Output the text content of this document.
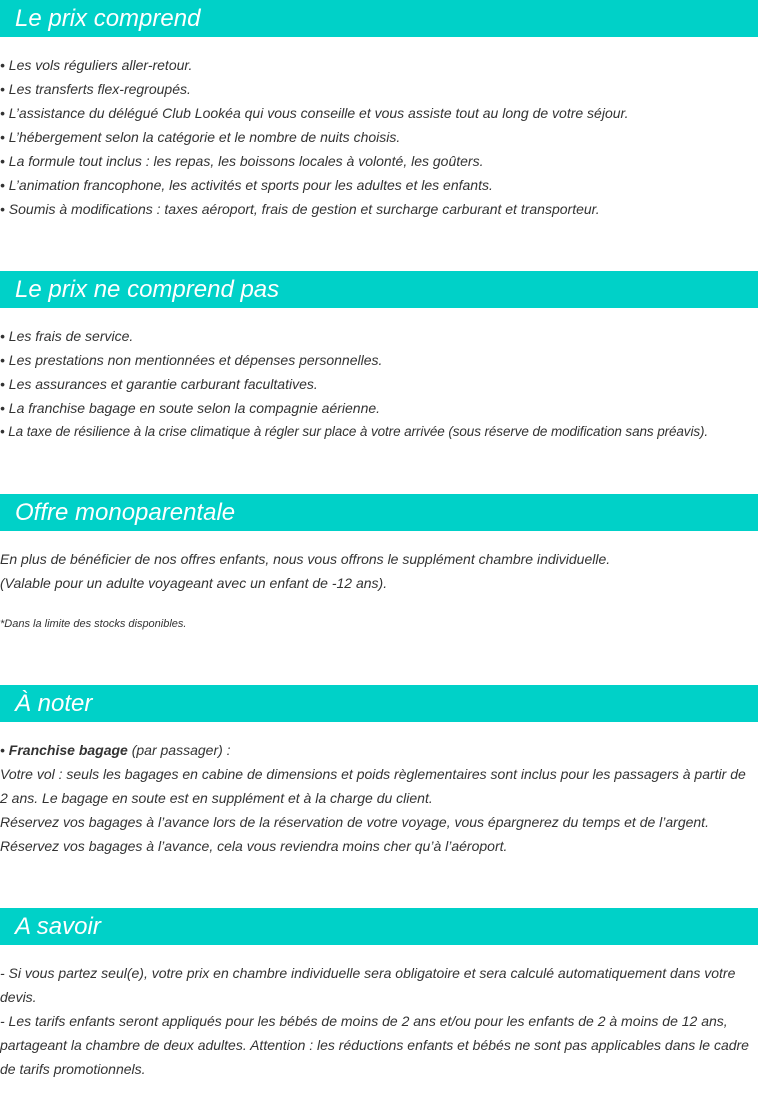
Le prix comprend
• Les vols réguliers aller-retour.
• Les transferts flex-regroupés.
• L’assistance du délégué Club Lookéa qui vous conseille et vous assiste tout au long de votre séjour.
• L’hébergement selon la catégorie et le nombre de nuits choisis.
• La formule tout inclus : les repas, les boissons locales à volonté, les goûters.
• L’animation francophone, les activités et sports pour les adultes et les enfants.
• Soumis à modifications : taxes aéroport, frais de gestion et surcharge carburant et transporteur.
Le prix ne comprend pas
• Les frais de service.
• Les prestations non mentionnées et dépenses personnelles.
• Les assurances et garantie carburant facultatives.
• La franchise bagage en soute selon la compagnie aérienne.
• La taxe de résilience à la crise climatique à régler sur place à votre arrivée (sous réserve de modification sans préavis).
Offre monoparentale
En plus de bénéficier de nos offres enfants, nous vous offrons le supplément chambre individuelle.
(Valable pour un adulte voyageant avec un enfant de -12 ans).
*Dans la limite des stocks disponibles.
À noter

• Franchise bagage (par passager) :

Votre vol : seuls les bagages en cabine de dimensions et poids règlementaires sont inclus pour les passagers à partir de 2 ans. Le bagage en soute est en supplément et à la charge du client.

Réservez vos bagages à l’avance lors de la réservation de votre voyage, vous épargnerez du temps et de l’argent.

Réservez vos bagages à l’avance, cela vous reviendra moins cher qu’à l’aéroport.

A savoir

- Si vous partez seul(e), votre prix en chambre individuelle sera obligatoire et sera calculé automatiquement dans votre devis.

- Les tarifs enfants seront appliqués pour les bébés de moins de 2 ans et/ou pour les enfants de 2 à moins de 12 ans, partageant la chambre de deux adultes. Attention : les réductions enfants et bébés ne sont pas applicables dans le cadre de tarifs promotionnels.
